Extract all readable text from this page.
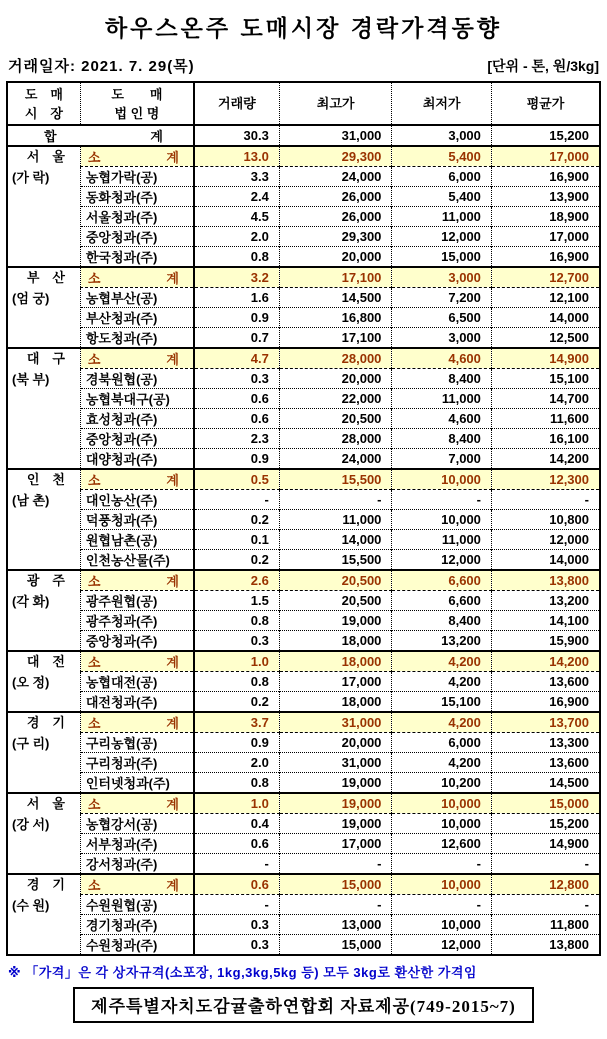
하우스온주 도매시장 경락가격동향
거래일자: 2021. 7. 29(목)	[단위 - 톤, 원/3kg]
도　매
시　장

도　　매
법 인 명
	거래량	최고가	최저가	평균가

합 계		30.3	31,000	3,000	15,200

서　울
(가 락)

소	계	13.0	29,300	5,400	17,000
	농협가락(공)	3.3	24,000	6,000	16,900
	동화청과(주)	2.4	26,000	5,400	13,900
	서울청과(주)	4.5	26,000	11,000	18,900
	중앙청과(주)	2.0	29,300	12,000	17,000
	한국청과(주)	0.8	20,000	15,000	16,900

부　산
(엄 궁)

소	계	3.2	17,100	3,000	12,700
	농협부산(공)	1.6	14,500	7,200	12,100
	부산청과(주)	0.9	16,800	6,500	14,000
	항도청과(주)	0.7	17,100	3,000	12,500

대　구
(북 부)

소	계	4.7	28,000	4,600	14,900
	경북원협(공)	0.3	20,000	8,400	15,100
	농협북대구(공)	0.6	22,000	11,000	14,700
	효성청과(주)	0.6	20,500	4,600	11,600
	중앙청과(주)	2.3	28,000	8,400	16,100
	대양청과(주)	0.9	24,000	7,000	14,200

인　천
(남 촌)

소	계	0.5	15,500	10,000	12,300
	대인농산(주)	-	-	-	-
	덕풍청과(주)	0.2	11,000	10,000	10,800
	원협남촌(공)	0.1	14,000	11,000	12,000
	인천농산물(주)	0.2	15,500	12,000	14,000

광　주
(각 화)

소	계	2.6	20,500	6,600	13,800
	광주원협(공)	1.5	20,500	6,600	13,200
	광주청과(주)	0.8	19,000	8,400	14,100
	중앙청과(주)	0.3	18,000	13,200	15,900

대　전
(오 정)

소	계	1.0	18,000	4,200	14,200
	농협대전(공)	0.8	17,000	4,200	13,600
	대전청과(주)	0.2	18,000	15,100	16,900

경　기
(구 리)

소	계	3.7	31,000	4,200	13,700
	구리농협(공)	0.9	20,000	6,000	13,300
	구리청과(주)	2.0	31,000	4,200	13,600
	인터넷청과(주)	0.8	19,000	10,200	14,500

서　울
(강 서)

소	계	1.0	19,000	10,000	15,000
	농협강서(공)	0.4	19,000	10,000	15,200
	서부청과(주)	0.6	17,000	12,600	14,900
	강서청과(주)	-	-	-	-

경　기
(수 원)

소	계	0.6	15,000	10,000	12,800
	수원원협(공)	-	-	-	-
	경기청과(주)	0.3	13,000	10,000	11,800
	수원청과(주)	0.3	15,000	12,000	13,800
※ 「가격」은 각 상자규격(소포장, 1kg,3kg,5kg 등) 모두 3kg로 환산한 가격임
제주특별자치도감귤출하연합회 자료제공(749-2015~7)
